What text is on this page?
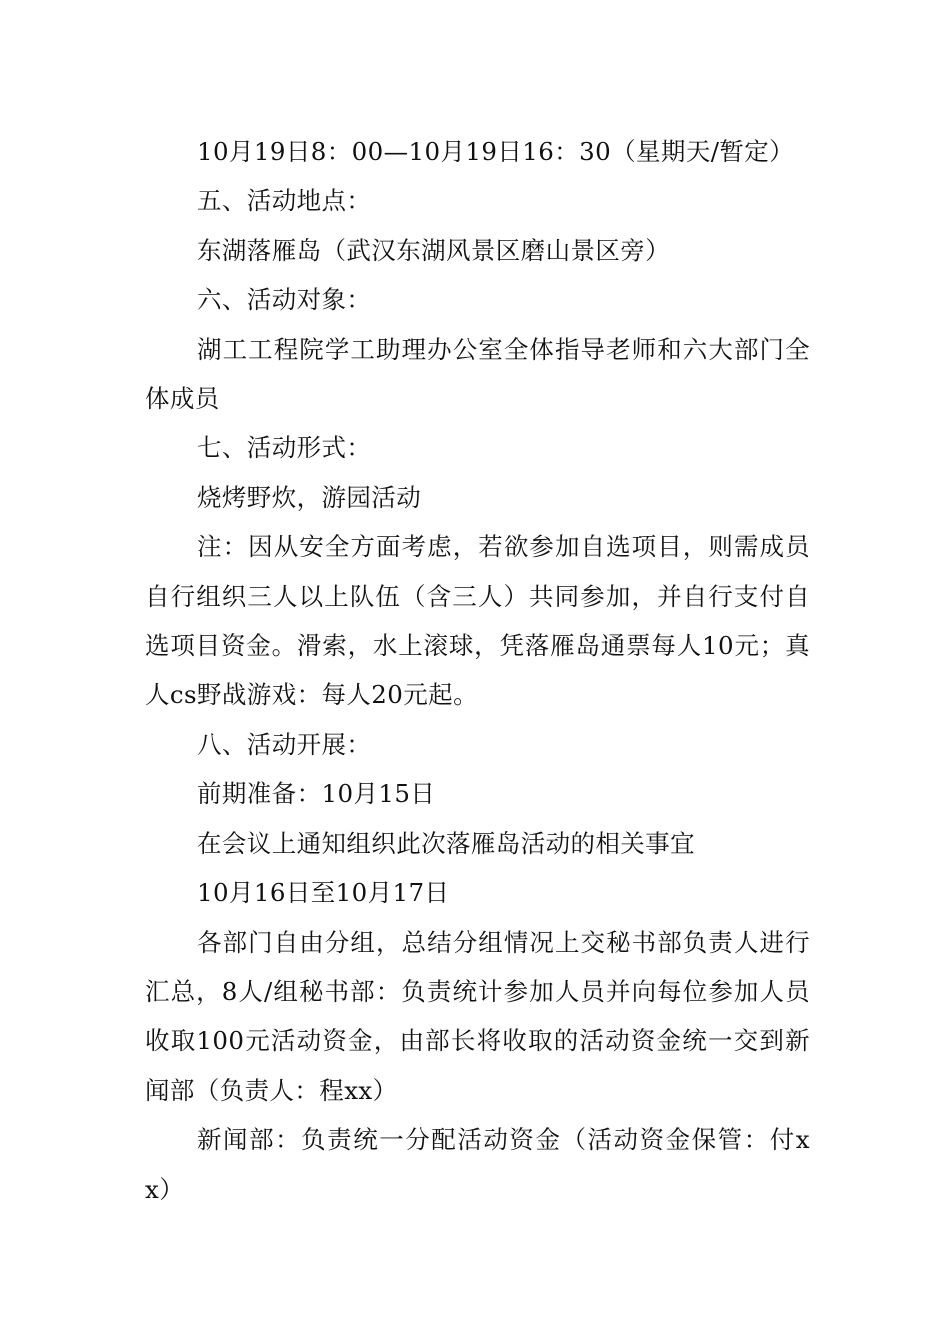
10月19日8：00—10月19日16：30（星期天/暂定）

五、活动地点：

东湖落雁岛（武汉东湖风景区磨山景区旁）

六、活动对象：

湖工工程院学工助理办公室全体指导老师和六大部门全体成员

七、活动形式：

烧烤野炊，游园活动

注：因从安全方面考虑，若欲参加自选项目，则需成员自行组织三人以上队伍（含三人）共同参加，并自行支付自选项目资金。滑索，水上滚球，凭落雁岛通票每人10元；真人cs野战游戏：每人20元起。

八、活动开展：

前期准备：10月15日

在会议上通知组织此次落雁岛活动的相关事宜

10月16日至10月17日

各部门自由分组，总结分组情况上交秘书部负责人进行汇总，8人/组秘书部：负责统计参加人员并向每位参加人员收取100元活动资金，由部长将收取的活动资金统一交到新闻部（负责人：程xx）

新闻部：负责统一分配活动资金（活动资金保管：付xx）
